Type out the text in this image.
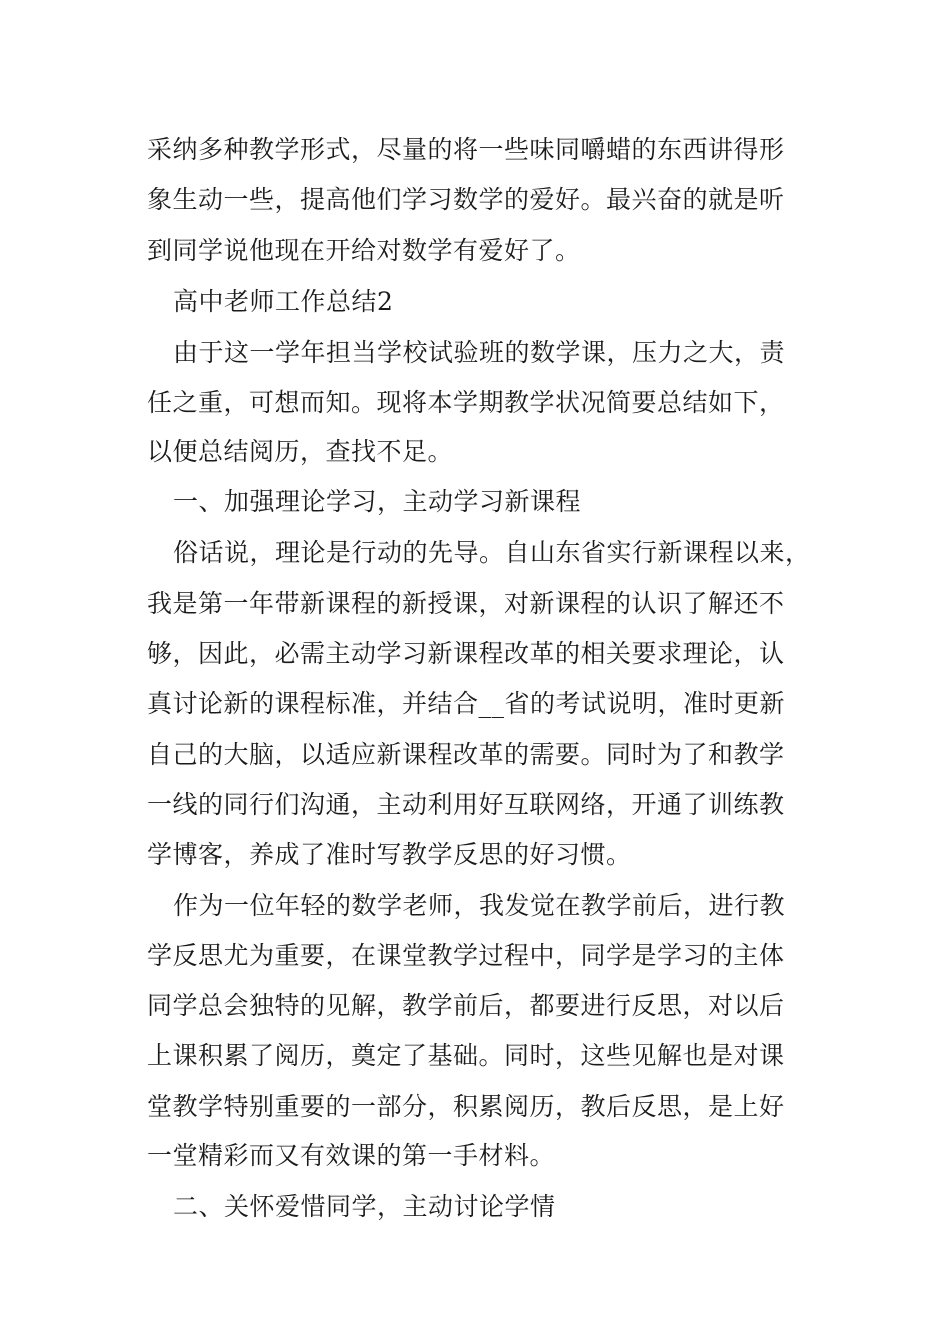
采纳多种教学形式，尽量的将一些味同嚼蜡的东西讲得形
象生动一些，提高他们学习数学的爱好。最兴奋的就是听
到同学说他现在开给对数学有爱好了。
高中老师工作总结2
由于这一学年担当学校试验班的数学课，压力之大，责
任之重，可想而知。现将本学期教学状况简要总结如下，
以便总结阅历，查找不足。
一、加强理论学习，主动学习新课程
俗话说，理论是行动的先导。自山东省实行新课程以来，
我是第一年带新课程的新授课，对新课程的认识了解还不
够，因此，必需主动学习新课程改革的相关要求理论，认
真讨论新的课程标准，并结合__省的考试说明，准时更新
自己的大脑，以适应新课程改革的需要。同时为了和教学
一线的同行们沟通，主动利用好互联网络，开通了训练教
学博客，养成了准时写教学反思的好习惯。
作为一位年轻的数学老师，我发觉在教学前后，进行教
学反思尤为重要，在课堂教学过程中，同学是学习的主体
同学总会独特的见解，教学前后，都要进行反思，对以后
上课积累了阅历，奠定了基础。同时，这些见解也是对课
堂教学特别重要的一部分，积累阅历，教后反思，是上好
一堂精彩而又有效课的第一手材料。
二、关怀爱惜同学，主动讨论学情
